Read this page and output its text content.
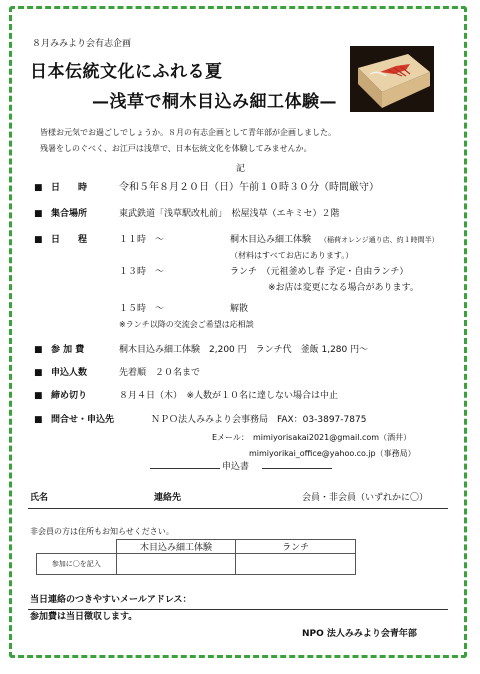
８月みみより会有志企画
日本伝統文化にふれる夏
—浅草で桐木目込み細工体験—
皆様お元気でお過ごしでしょうか。８月の有志企画として青年部が企画しました。
残暑をしのぐべく、お江戸は浅草で、日本伝統文化を体験してみませんか。
記
■ 日　　時	令和５年８月２０日（日）午前１０時３０分（時間厳守）
■ 集合場所	東武鉄道「浅草駅改札前」　松屋浅草（エキミセ）２階
■ 日　　程	１１時　～	桐木目込み細工体験 （稲荷オレンジ通り店、約１時間半）
（材料はすべてお店にあります。）
１３時　～	ランチ　（元祖釜めし春 予定・自由ランチ）
※お店は変更になる場合があります。
１５時　～	解散
※ランチ以降の交流会ご希望は応相談
■ 参 加 費	桐木目込み細工体験　2,200 円　ランチ代　釜飯 1,280 円～
■ 申込人数	先着順　２０名まで
■ 締め切り	８月４日（木）　※人数が１０名に達しない場合は中止
■ 問合せ・申込先	ＮＰＯ法人みみより会事務局　FAX：03-3897-7875
Eメール： mimiyorisakai2021@gmail.com（酒井）
mimiyorikai_office@yahoo.co.jp（事務局）
申込書
氏名	連絡先	会員・非会員（いずれかに〇）
非会員の方は住所もお知らせください。
	木目込み細工体験	ランチ
参加に〇を記入		
当日連絡のつきやすいメールアドレス：
参加費は当日徴収します。
NPO 法人みみより会青年部
